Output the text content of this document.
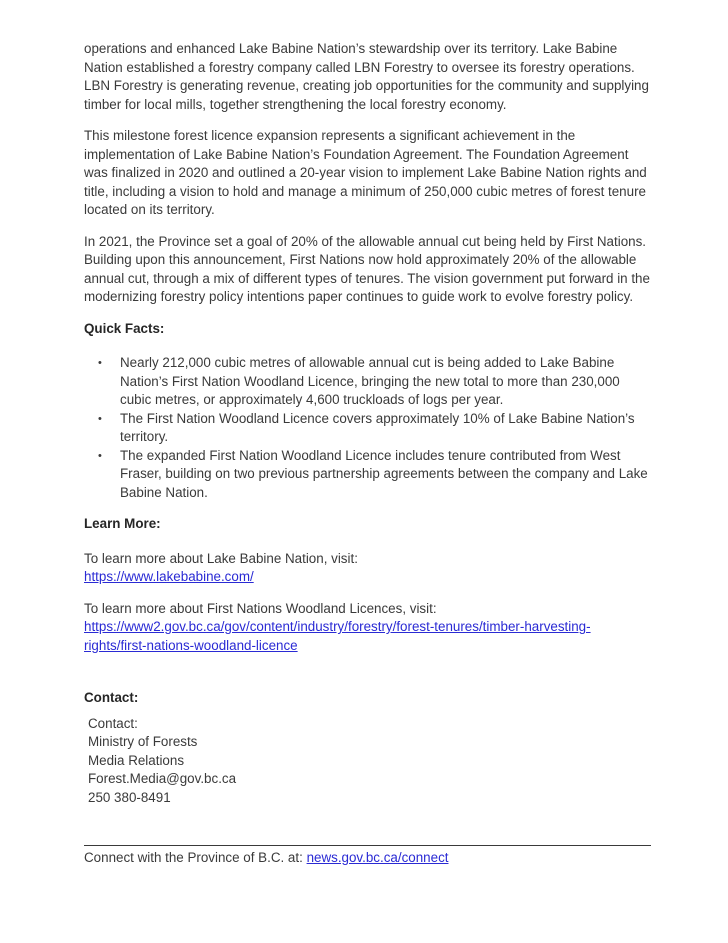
operations and enhanced Lake Babine Nation’s stewardship over its territory. Lake Babine Nation established a forestry company called LBN Forestry to oversee its forestry operations. LBN Forestry is generating revenue, creating job opportunities for the community and supplying timber for local mills, together strengthening the local forestry economy.

This milestone forest licence expansion represents a significant achievement in the implementation of Lake Babine Nation’s Foundation Agreement. The Foundation Agreement was finalized in 2020 and outlined a 20-year vision to implement Lake Babine Nation rights and title, including a vision to hold and manage a minimum of 250,000 cubic metres of forest tenure located on its territory.

In 2021, the Province set a goal of 20% of the allowable annual cut being held by First Nations. Building upon this announcement, First Nations now hold approximately 20% of the allowable annual cut, through a mix of different types of tenures. The vision government put forward in the modernizing forestry policy intentions paper continues to guide work to evolve forestry policy.

Quick Facts:

• Nearly 212,000 cubic metres of allowable annual cut is being added to Lake Babine Nation’s First Nation Woodland Licence, bringing the new total to more than 230,000 cubic metres, or approximately 4,600 truckloads of logs per year.
• The First Nation Woodland Licence covers approximately 10% of Lake Babine Nation’s territory.
• The expanded First Nation Woodland Licence includes tenure contributed from West Fraser, building on two previous partnership agreements between the company and Lake Babine Nation.

Learn More:

To learn more about Lake Babine Nation, visit:

https://www.lakebabine.com/

To learn more about First Nations Woodland Licences, visit:

https://www2.gov.bc.ca/gov/content/industry/forestry/forest-tenures/timber-harvesting-rights/first-nations-woodland-licence

Contact:

Contact:

Ministry of Forests

Media Relations

Forest.Media@gov.bc.ca

250 380-8491

Connect with the Province of B.C. at: news.gov.bc.ca/connect
